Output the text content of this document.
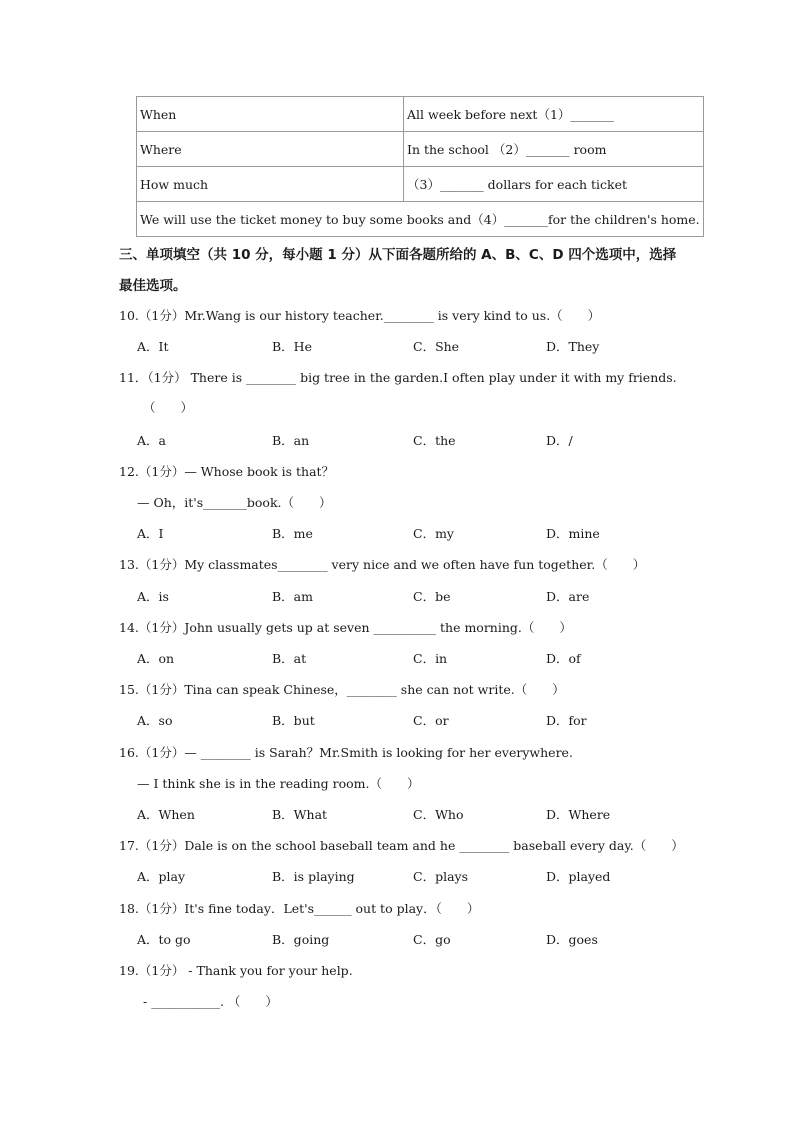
When	All week before next（1）_______
Where	In the school （2）_______ room
How much	（3）_______ dollars for each ticket
We will use the ticket money to buy some books and（4）_______for the children's home.	

三、单项填空（共 10 分，每小题 1 分）从下面各题所给的 A、B、C、D 四个选项中，选择最佳选项。

10.（1分）Mr.Wang is our history teacher.________ is very kind to us.（　　）
A．It	B．He	C．She	D．They
11．（1分） There is ________ big tree in the garden.I often play under it with my friends.
（　　）
A．a	B．an	C．the	D．/
12.（1分）— Whose book is that？
— Oh，it's_______book.（　　）
A．I	B．me	C．my	D．mine
13.（1分）My classmates________ very nice and we often have fun together.（　　）
A．is	B．am	C．be	D．are
14.（1分）John usually gets up at seven __________ the morning.（　　）
A．on	B．at	C．in	D．of
15.（1分）Tina can speak Chinese，________ she can not write.（　　）
A．so	B．but	C．or	D．for
16.（1分）— ________ is Sarah？Mr.Smith is looking for her everywhere.
— I think she is in the reading room.（　　）
A．When	B．What	C．Who	D．Where
17.（1分）Dale is on the school baseball team and he ________ baseball every day.（　　）
A．play	B．is playing	C．plays	D．played
18.（1分）It's fine today．Let's______ out to play．（　　）
A．to go	B．going	C．go	D．goes
19.（1分） - Thank you for your help.
- ___________. （　　）
